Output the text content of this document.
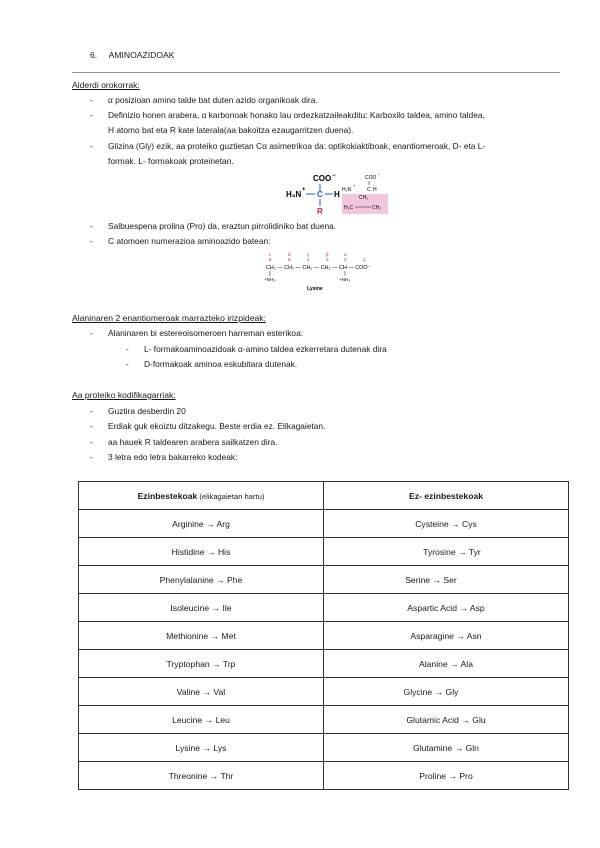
6. AMINOAZIDOAK
Alderdi orokorrak:
- α posizioan amino talde bat duten azido organikoak dira.
- Definizio honen arabera, α karbonoak honako lau ordezkatzaileakditu: Karboxilo taldea, amino taldea,
H atomo bat eta R kate laterala(aa bakoitza ezaugarritzen duena).
- Glizina (Gly) ezik, aa proteiko guztietan Cα asimetrikoa da: optikokiaktiboak, enantiomeroak, D- eta L-
formak. L- formakoak proteinetan.
COO −
H₃N + C H
R
COO
−
H₂N
+
C H
H₂C	CH₂
CH₂
- Salbuespena prolina (Pro) da, eraztun pirrolidiniko bat duena.
- C atomoen numerazioa aminoazido batean:
ε	δ	γ	β	α
6	5	4	3	2	1
CH₂ — CH₂ — CH₂ — CH₂ — CH — COO⁻
+NH₃	+NH₃
Lysine
Alaninaren 2 enantiomeroak marrazteko irizpideak:
- Alaninaren bi estereoisomeroen harreman esterikoa:
- L- formakoaminoazidoak α-amino taldea ezkerretara dutenak dira
- D-formakoak aminoa eskubitara dutenak.
Aa proteiko kodifikagarriak:
- Guztira desberdin 20
- Erdiak guk ekoiztu ditzakegu. Beste erdia ez. Elikagaietan.
- aa hauek R taldearen arabera sailkatzen dira.
- 3 letra edo letra bakarreko kodeak:
Ezinbestekoak (elikagaietan hartu)	Ez- ezinbestekoak
Arginine → Arg	Cysteine → Cys
Histidine → His	Tyrosine → Tyr
Phenylalanine → Phe	Serine → Ser
Isoleucine → Ile	Aspartic Acid → Asp
Methionine → Met	Asparagine → Asn
Tryptophan → Trp	Alanine → Ala
Valine → Val	Glycine → Gly
Leucine → Leu	Glutamic Acid → Glu
Lysine → Lys	Glutamine → Gln
Threonine → Thr	Proline → Pro
